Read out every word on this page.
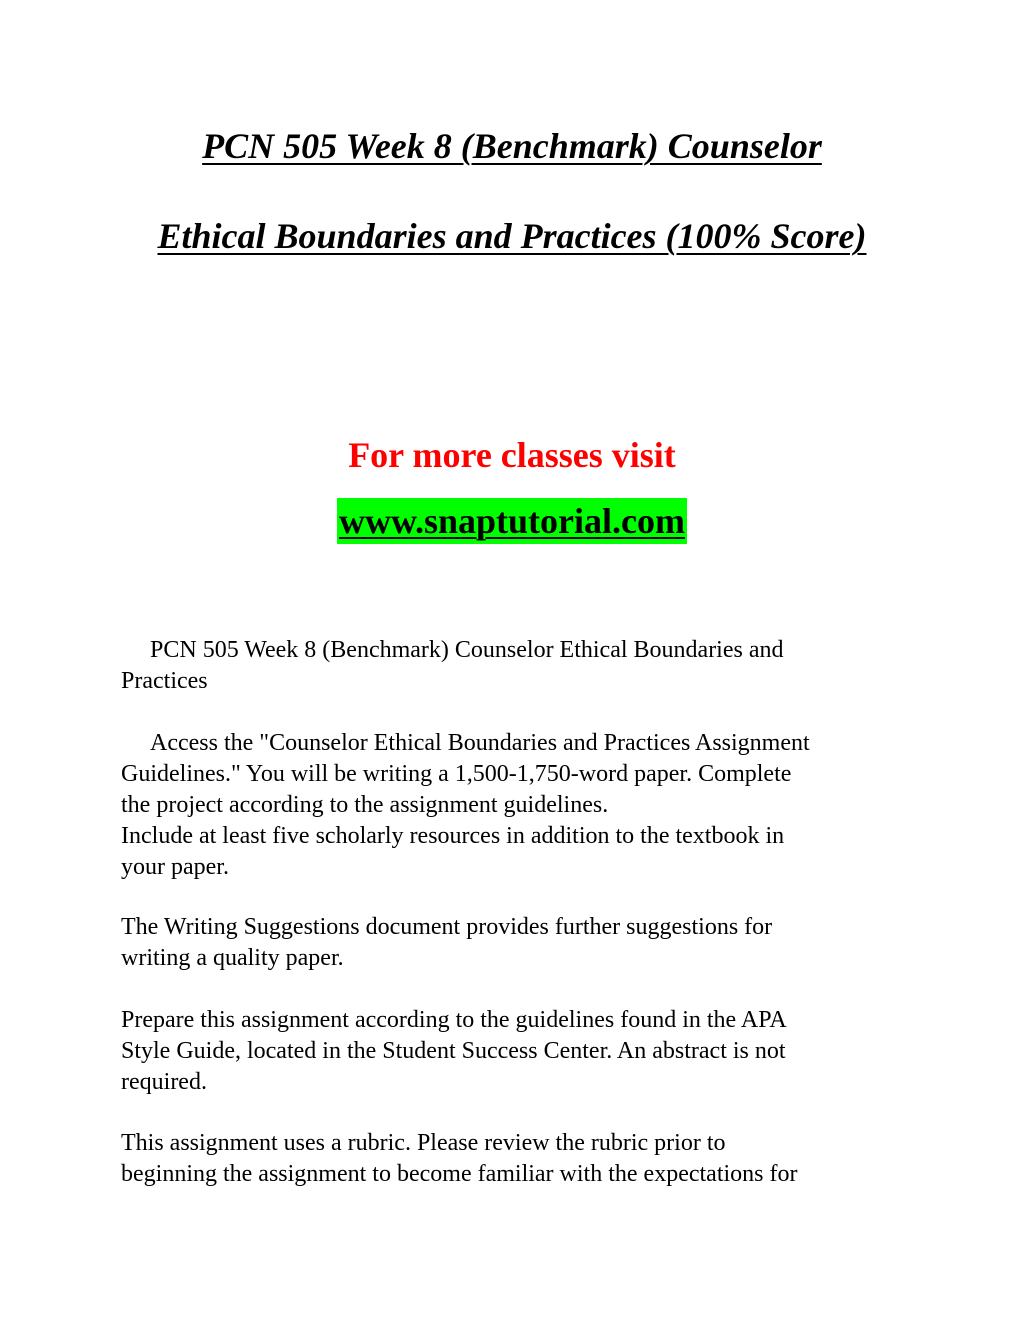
PCN 505 Week 8 (Benchmark) Counselor
Ethical Boundaries and Practices (100% Score)
For more classes visit
www.snaptutorial.com
PCN 505 Week 8 (Benchmark) Counselor Ethical Boundaries and
Practices
Access the "Counselor Ethical Boundaries and Practices Assignment
Guidelines." You will be writing a 1,500-1,750-word paper. Complete
the project according to the assignment guidelines.
Include at least five scholarly resources in addition to the textbook in
your paper.
The Writing Suggestions document provides further suggestions for
writing a quality paper.
Prepare this assignment according to the guidelines found in the APA
Style Guide, located in the Student Success Center. An abstract is not
required.
This assignment uses a rubric. Please review the rubric prior to
beginning the assignment to become familiar with the expectations for
